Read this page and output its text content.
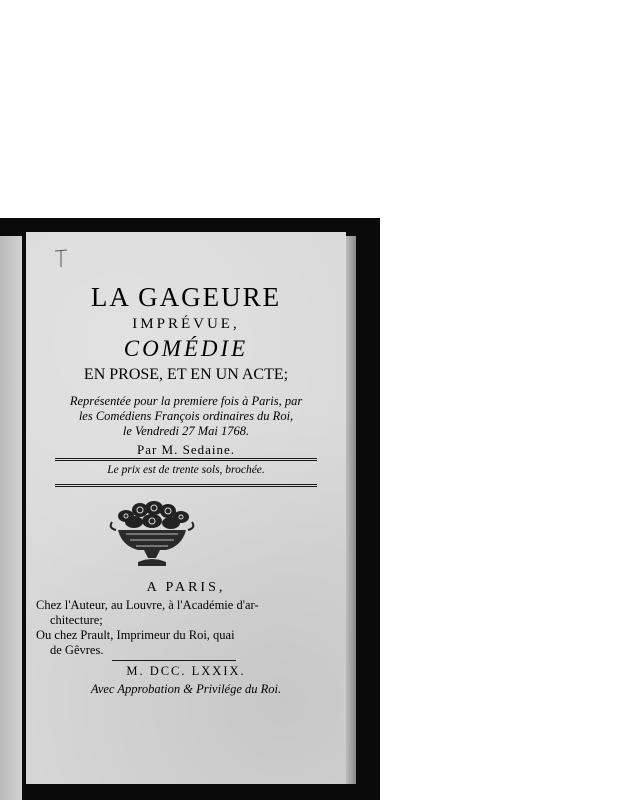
LA GAGEURE
IMPRÉVUE,
COMÉDIE
EN PROSE, ET EN UN ACTE;
Représentée pour la premiere fois à Paris, par
les Comédiens François ordinaires du Roi,
le Vendredi 27 Mai 1768.
Par M. Sedaine.
Le prix est de trente sols, brochée.
A PARIS,
Chez l'Auteur, au Louvre, à l'Académie d'ar-
chitecture;
Ou chez Prault, Imprimeur du Roi, quai
de Gêvres.
M. DCC. LXXIX.
Avec Approbation & Privilége du Roi.
